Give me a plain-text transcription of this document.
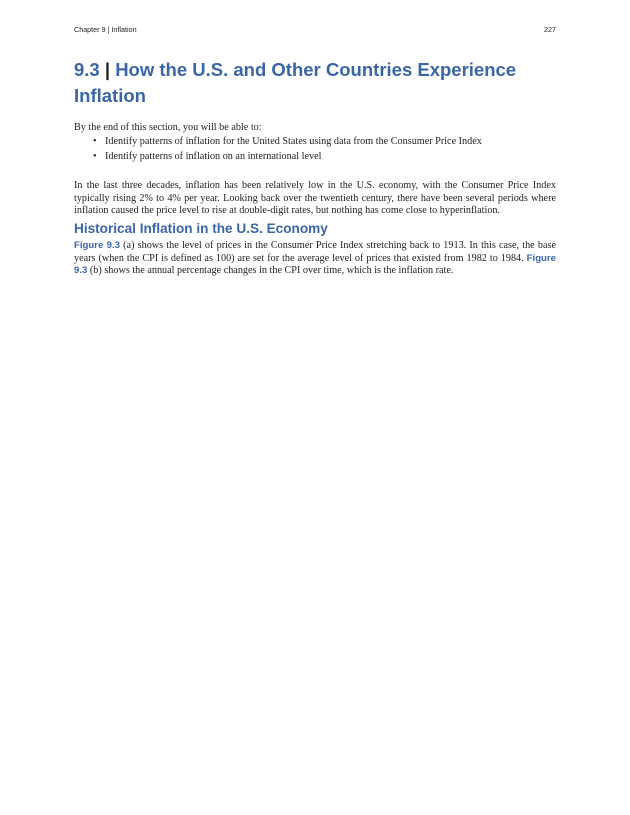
Chapter 9 | Inflation	227
9.3 | How the U.S. and Other Countries Experience Inflation

By the end of this section, you will be able to:

• Identify patterns of inflation for the United States using data from the Consumer Price Index
• Identify patterns of inflation on an international level

In the last three decades, inflation has been relatively low in the U.S. economy, with the Consumer Price Index typically rising 2% to 4% per year. Looking back over the twentieth century, there have been several periods where inflation caused the price level to rise at double-digit rates, but nothing has come close to hyperinflation.

Historical Inflation in the U.S. Economy

Figure 9.3 (a) shows the level of prices in the Consumer Price Index stretching back to 1913. In this case, the base years (when the CPI is defined as 100) are set for the average level of prices that existed from 1982 to 1984. Figure 9.3 (b) shows the annual percentage changes in the CPI over time, which is the inflation rate.
